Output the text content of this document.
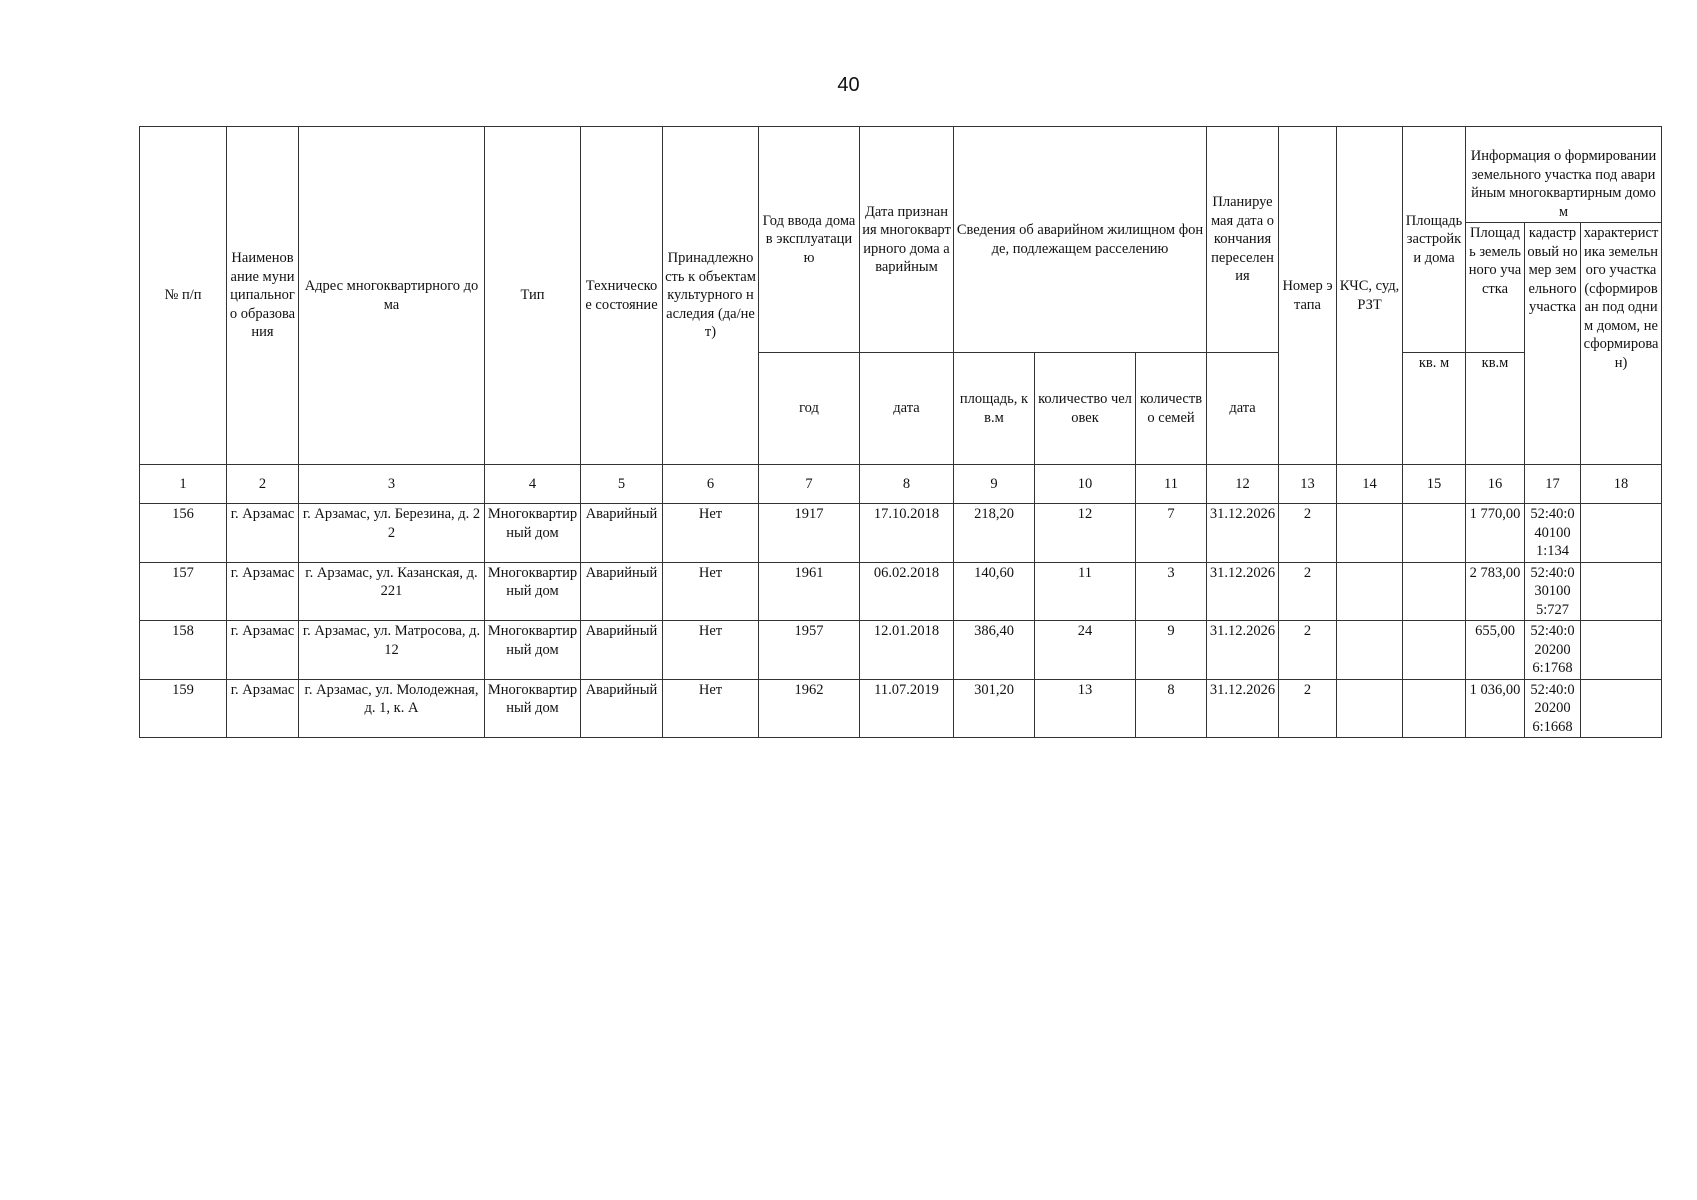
40
№ п/п	Наименование муниципального образования	Адрес многоквартирного дома	Тип	Техническое состояние	Принадлежность к объектам культурного наследия (да/нет)	Год ввода дома в эксплуатацию	Дата признания многоквартирного дома аварийным	Сведения об аварийном жилищном фонде, подлежащем расселению			Планируемая дата окончания переселения	Номер этапа	КЧС, суд, РЗТ	Площадь застройки дома	Информация о формировании земельного участка под аварийным многоквартирным домом		
															Площадь земельного участка	кадастровый номер земельного участка	характеристика земельного участка (сформирован под одним домом, не сформирован)
						год	дата	площадь, кв.м	количество человек	количество семей	дата			кв. м	кв.м		
1	2	3	4	5	6	7	8	9	10	11	12	13	14	15	16	17	18
156	г. Арзамас	г. Арзамас, ул. Березина, д. 22	Многоквартирный дом	Аварийный	Нет	1917	17.10.2018	218,20	12	7	31.12.2026	2			1 770,00	52:40:040100 1:134	
157	г. Арзамас	г. Арзамас, ул. Казанская, д. 221	Многоквартирный дом	Аварийный	Нет	1961	06.02.2018	140,60	11	3	31.12.2026	2			2 783,00	52:40:030100 5:727	
158	г. Арзамас	г. Арзамас, ул. Матросова, д. 12	Многоквартирный дом	Аварийный	Нет	1957	12.01.2018	386,40	24	9	31.12.2026	2			655,00	52:40:020200 6:1768	
159	г. Арзамас	г. Арзамас, ул. Молодежная, д. 1, к. А	Многоквартирный дом	Аварийный	Нет	1962	11.07.2019	301,20	13	8	31.12.2026	2			1 036,00	52:40:020200 6:1668	
